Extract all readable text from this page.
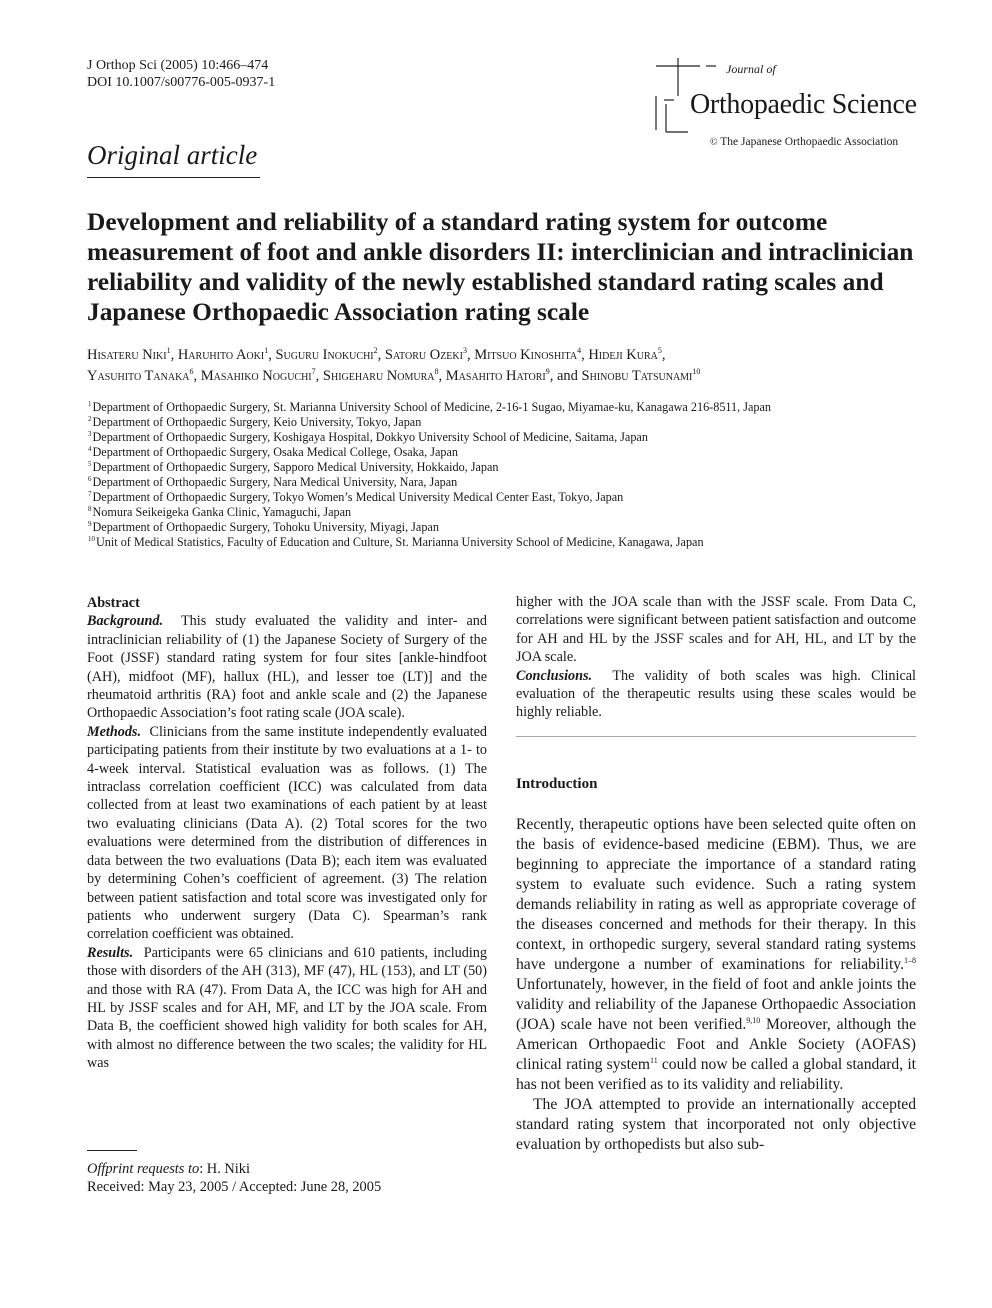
J Orthop Sci (2005) 10:466–474
DOI 10.1007/s00776-005-0937-1
Journal of
Orthopaedic Science
© The Japanese Orthopaedic Association
Original article
Development and reliability of a standard rating system for outcome measurement of foot and ankle disorders II: interclinician and intraclinician reliability and validity of the newly established standard rating scales and Japanese Orthopaedic Association rating scale
Hisateru Niki$^1$, Haruhito Aoki$^1$, Suguru Inokuchi$^2$, Satoru Ozeki$^3$, Mitsuo Kinoshita$^4$, Hideji Kura$^5$,
Yasuhito Tanaka$^6$, Masahiko Noguchi$^7$, Shigeharu Nomura$^8$, Masahito Hatori$^9$, and Shinobu Tatsunami$^{10}$
$^1$Department of Orthopaedic Surgery, St. Marianna University School of Medicine, 2-16-1 Sugao, Miyamae-ku, Kanagawa 216-8511, Japan
$^2$Department of Orthopaedic Surgery, Keio University, Tokyo, Japan
$^3$Department of Orthopaedic Surgery, Koshigaya Hospital, Dokkyo University School of Medicine, Saitama, Japan
$^4$Department of Orthopaedic Surgery, Osaka Medical College, Osaka, Japan
$^5$Department of Orthopaedic Surgery, Sapporo Medical University, Hokkaido, Japan
$^6$Department of Orthopaedic Surgery, Nara Medical University, Nara, Japan
$^7$Department of Orthopaedic Surgery, Tokyo Women’s Medical University Medical Center East, Tokyo, Japan
$^8$Nomura Seikeigeka Ganka Clinic, Yamaguchi, Japan
$^9$Department of Orthopaedic Surgery, Tohoku University, Miyagi, Japan
$^{10}$Unit of Medical Statistics, Faculty of Education and Culture, St. Marianna University School of Medicine, Kanagawa, Japan

Abstract

Background. This study evaluated the validity and inter- and intraclinician reliability of (1) the Japanese Society of Surgery of the Foot (JSSF) standard rating system for four sites [ankle-hindfoot (AH), midfoot (MF), hallux (HL), and lesser toe (LT)] and the rheumatoid arthritis (RA) foot and ankle scale and (2) the Japanese Orthopaedic Association’s foot rating scale (JOA scale).

Methods. Clinicians from the same institute independently evaluated participating patients from their institute by two evaluations at a 1- to 4-week interval. Statistical evaluation was as follows. (1) The intraclass correlation coefficient (ICC) was calculated from data collected from at least two examinations of each patient by at least two evaluating clinicians (Data A). (2) Total scores for the two evaluations were determined from the distribution of differences in data between the two evaluations (Data B); each item was evaluated by determining Cohen’s coefficient of agreement. (3) The relation between patient satisfaction and total score was investigated only for patients who underwent surgery (Data C). Spearman’s rank correlation coefficient was obtained.

Results. Participants were 65 clinicians and 610 patients, including those with disorders of the AH (313), MF (47), HL (153), and LT (50) and those with RA (47). From Data A, the ICC was high for AH and HL by JSSF scales and for AH, MF, and LT by the JOA scale. From Data B, the coefficient showed high validity for both scales for AH, with almost no difference between the two scales; the validity for HL was

higher with the JOA scale than with the JSSF scale. From Data C, correlations were significant between patient satisfaction and outcome for AH and HL by the JSSF scales and for AH, HL, and LT by the JOA scale.

Conclusions. The validity of both scales was high. Clinical evaluation of the therapeutic results using these scales would be highly reliable.

Introduction

Recently, therapeutic options have been selected quite often on the basis of evidence-based medicine (EBM). Thus, we are beginning to appreciate the importance of a standard rating system to evaluate such evidence. Such a rating system demands reliability in rating as well as appropriate coverage of the diseases concerned and methods for their therapy. In this context, in orthopedic surgery, several standard rating systems have undergone a number of examinations for reliability.$^{1-8}$ Unfortunately, however, in the field of foot and ankle joints the validity and reliability of the Japanese Orthopaedic Association (JOA) scale have not been verified.$^{9,10}$ Moreover, although the American Orthopaedic Foot and Ankle Society (AOFAS) clinical rating system$^{11}$ could now be called a global standard, it has not been verified as to its validity and reliability.

The JOA attempted to provide an internationally accepted standard rating system that incorporated not only objective evaluation by orthopedists but also sub-

Offprint requests to: H. Niki
Received: May 23, 2005 / Accepted: June 28, 2005
